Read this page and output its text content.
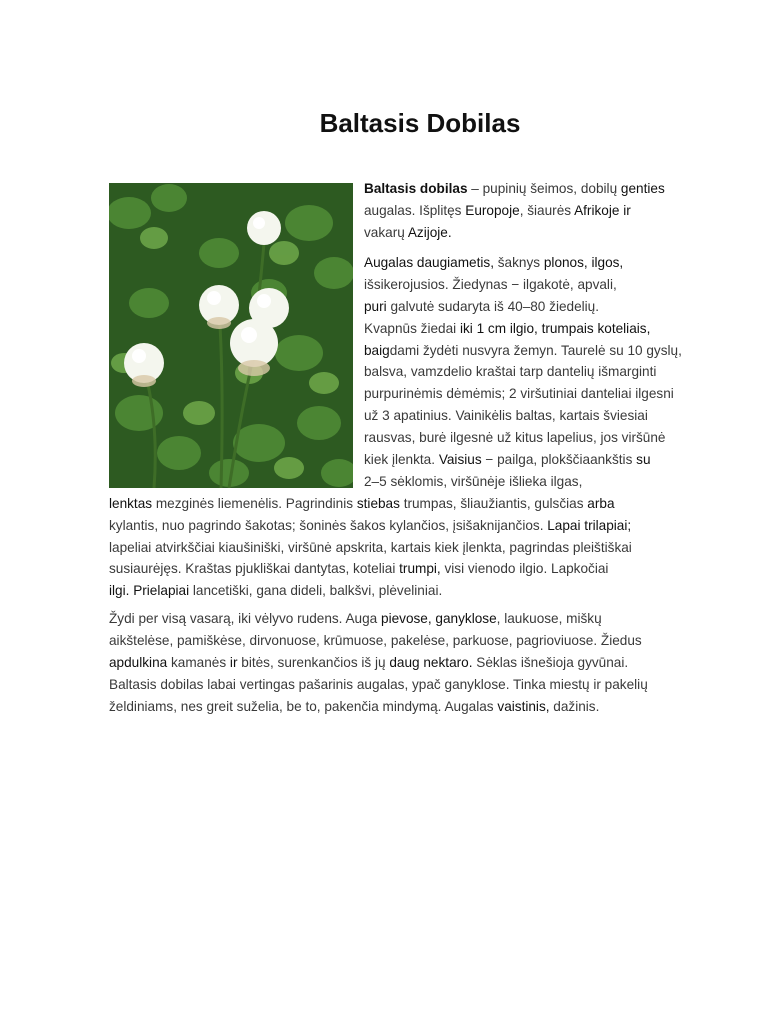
Baltasis Dobilas
Baltasis dobilas – pupinių šeimos, dobilų genties
augalas. Išplitęs Europoje, šiaurės Afrikoje ir
vakarų Azijoje.
Augalas daugiametis, šaknys plonos, ilgos,
išsikerojusios. Žiedynas − ilgakotė, apvali,
puri galvutė sudaryta iš 40–80 žiedelių.
Kvapnūs žiedai iki 1 cm ilgio, trumpais koteliais,
baigdami žydėti nusvyra žemyn. Taurelė su 10 gyslų,
balsva, vamzdelio kraštai tarp dantelių išmarginti
purpurinėmis dėmėmis; 2 viršutiniai danteliai ilgesni
už 3 apatinius. Vainikėlis baltas, kartais šviesiai
rausvas, burė ilgesnė už kitus lapelius, jos viršūnė
kiek įlenkta. Vaisius − pailga, plokščiaankštis su
2–5 sėklomis, viršūnėje išlieka ilgas,
lenktas mezginės liemenėlis. Pagrindinis stiebas trumpas, šliaužiantis, gulsčias arba
kylantis, nuo pagrindo šakotas; šoninės šakos kylančios, įsišaknijančios. Lapai trilapiai;
lapeliai atvirkščiai kiaušiniški, viršūnė apskrita, kartais kiek įlenkta, pagrindas pleištiškai
susiaurėjęs. Kraštas pjukliškai dantytas, koteliai trumpi, visi vienodo ilgio. Lapkočiai
ilgi. Prielapiai lancetiški, gana dideli, balkšvi, plėveliniai.
Žydi per visą vasarą, iki vėlyvo rudens. Auga pievose, ganyklose, laukuose, miškų
aikštelėse, pamiškėse, dirvonuose, krūmuose, pakelėse, parkuose, pagrioviuose. Žiedus
apdulkina kamanės ir bitės, surenkančios iš jų daug nektaro. Sėklas išnešioja gyvūnai.
Baltasis dobilas labai vertingas pašarinis augalas, ypač ganyklose. Tinka miestų ir pakelių
želdiniams, nes greit suželia, be to, pakenčia mindymą. Augalas vaistinis, dažinis.
